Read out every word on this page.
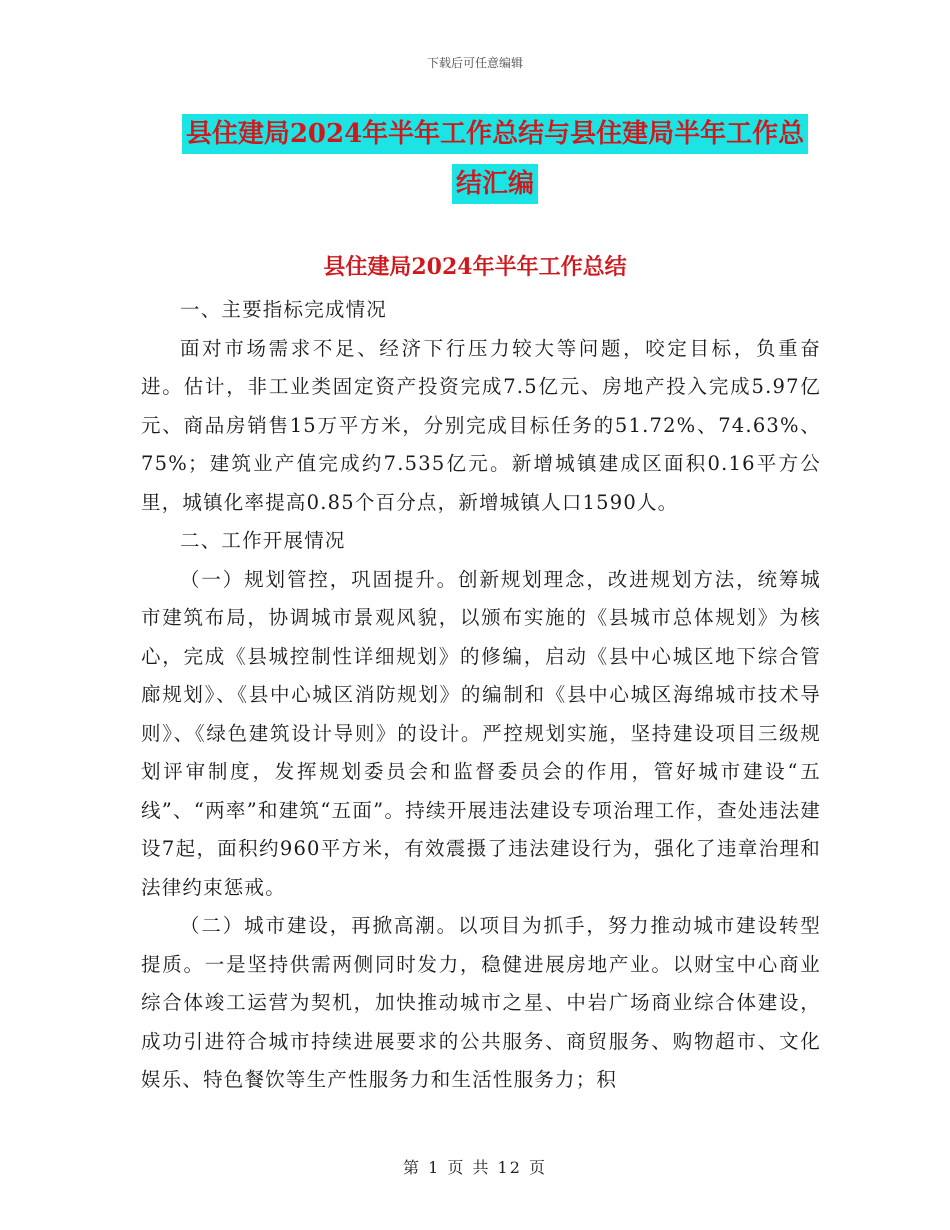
下载后可任意编辑
县住建局2024年半年工作总结与县住建局半年工作总
结汇编
县住建局2024年半年工作总结

一、主要指标完成情况

面对市场需求不足、经济下行压力较大等问题，咬定目标，负重奋进。估计，非工业类固定资产投资完成7.5亿元、房地产投入完成5.97亿元、商品房销售15万平方米，分别完成目标任务的51.72%、74.63%、75%；建筑业产值完成约7.535亿元。新增城镇建成区面积0.16平方公里，城镇化率提高0.85个百分点，新增城镇人口1590人。

二、工作开展情况

（一）规划管控，巩固提升。创新规划理念，改进规划方法，统筹城市建筑布局，协调城市景观风貌，以颁布实施的《县城市总体规划》为核心，完成《县城控制性详细规划》的修编，启动《县中心城区地下综合管廊规划》、《县中心城区消防规划》的编制和《县中心城区海绵城市技术导则》、《绿色建筑设计导则》的设计。严控规划实施，坚持建设项目三级规划评审制度，发挥规划委员会和监督委员会的作用，管好城市建设“五线”、“两率”和建筑“五面”。持续开展违法建设专项治理工作，查处违法建设7起，面积约960平方米，有效震摄了违法建设行为，强化了违章治理和法律约束惩戒。

（二）城市建设，再掀高潮。以项目为抓手，努力推动城市建设转型提质。一是坚持供需两侧同时发力，稳健进展房地产业。以财宝中心商业综合体竣工运营为契机，加快推动城市之星、中岩广场商业综合体建设，成功引进符合城市持续进展要求的公共服务、商贸服务、购物超市、文化娱乐、特色餐饮等生产性服务力和生活性服务力；积

第 1 页 共 12 页
